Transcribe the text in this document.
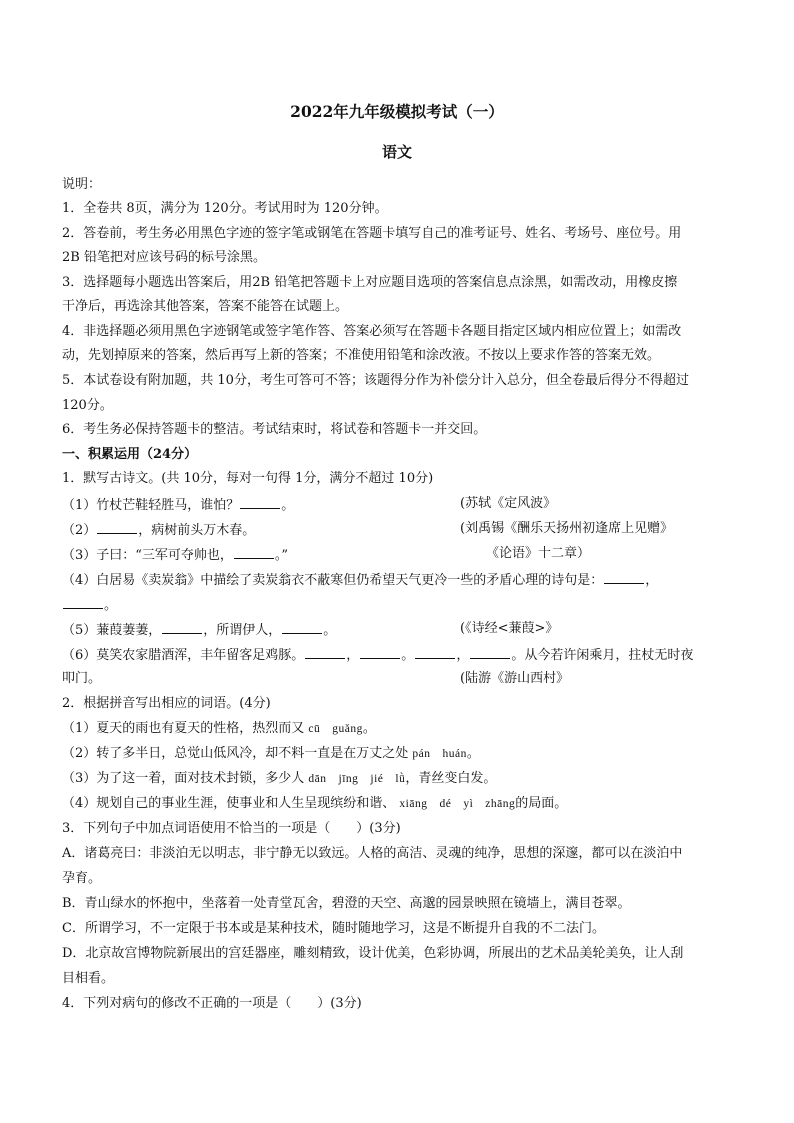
2022年九年级模拟考试（一）
语文
说明：
1．全卷共 8页，满分为 120分。考试用时为 120分钟。
2．答卷前，考生务必用黑色字迹的签字笔或钢笔在答题卡填写自己的准考证号、姓名、考场号、座位号。用
2B 铅笔把对应该号码的标号涂黑。
3．选择题每小题选出答案后，用2B 铅笔把答题卡上对应题目选项的答案信息点涂黑，如需改动，用橡皮擦
干净后，再选涂其他答案，答案不能答在试题上。
4．非选择题必须用黑色字迹钢笔或签字笔作答、答案必须写在答题卡各题目指定区域内相应位置上；如需改
动，先划掉原来的答案，然后再写上新的答案；不准使用铅笔和涂改液。不按以上要求作答的答案无效。
5．本试卷设有附加题，共 10分，考生可答可不答；该题得分作为补偿分计入总分，但全卷最后得分不得超过
120分。
6．考生务必保持答题卡的整洁。考试结束时，将试卷和答题卡一并交回。
一、积累运用（24分）
1．默写古诗文。(共 10分，每对一句得 1分，满分不超过 10分)
（1）竹杖芒鞋轻胜马，谁怕？	。	(苏轼《定风波》
（2）	，病树前头万木春。	(刘禹锡《酬乐天扬州初逢席上见赠》
（3）子曰：“三军可夺帅也，	。”	《论语》十二章）
（4）白居易《卖炭翁》中描绘了卖炭翁衣不蔽寒但仍希望天气更冷一些的矛盾心理的诗句是：	，
。
（5）蒹葭萋萋，	，所谓伊人，	。	(《诗经<蒹葭>》
（6）莫笑农家腊酒浑，丰年留客足鸡豚。	，	。	，	。从今若许闲乘月，拄杖无时夜
叩门。	(陆游《游山西村》
2．根据拼音写出相应的词语。(4分)
（1）夏天的雨也有夏天的性格，热烈而又 cū　guǎng。
（2）转了多半日，总觉山低风冷，却不料一直是在万丈之处 pán　huán。
（3）为了这一着，面对技术封锁，多少人 dān　jīng　jié　lǜ，青丝变白发。
（4）规划自己的事业生涯，使事业和人生呈现缤纷和谐、 xiāng　dé　yì　zhāng的局面。
3．下列句子中加点词语使用不恰当的一项是（　　）(3分)
A．诸葛亮曰：非淡泊无以明志，非宁静无以致远。人格的高洁、灵魂的纯净，思想的深邃，都可以在淡泊中
孕育。
B．青山绿水的怀抱中，坐落着一处青堂瓦舍，碧澄的天空、高邈的园景映照在镜墙上，满目苍翠。
C．所谓学习，不一定限于书本或是某种技术，随时随地学习，这是不断提升自我的不二法门。
D．北京故宫博物院新展出的宫廷器座，雕刻精致，设计优美，色彩协调，所展出的艺术品美轮美奂，让人刮
目相看。
4．下列对病句的修改不正确的一项是（　　）(3分)
